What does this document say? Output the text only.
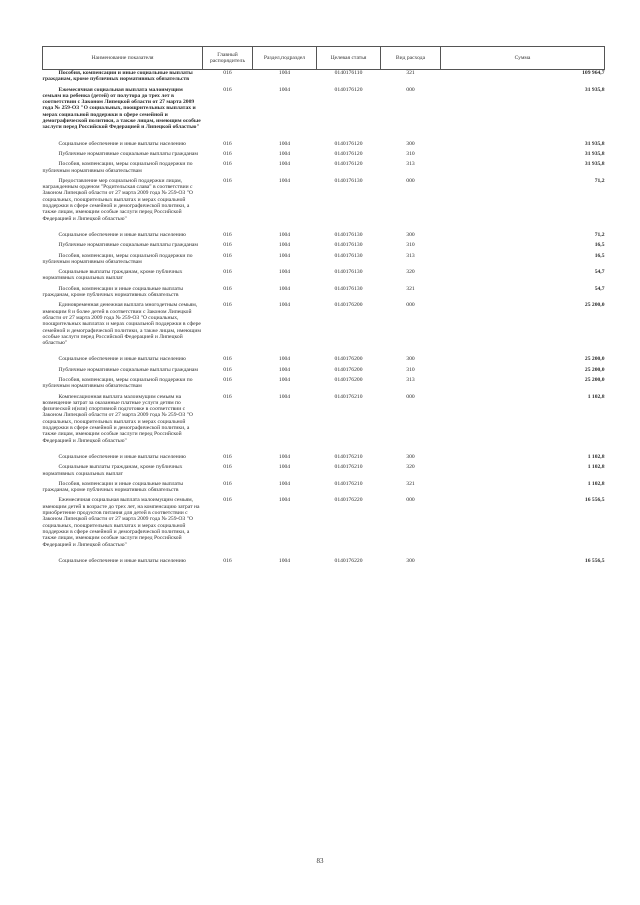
Наименование показателя	Главный распорядитель	Раздел,подраздел	Целевая статья	Вид расхода	Сумма

Пособия, компенсации и иные социальные выплаты гражданам, кроме публичных нормативных обязательств	016	1004	0140176110	321	109 964,7

Ежемесячная социальная выплата малоимущим семьям на ребенка (детей) от полутора до трех лет в соответствии с Законом Липецкой области от 27 марта 2009 года № 259-ОЗ "О социальных, поощрительных выплатах и мерах социальной поддержки в сфере семейной и демографической политики, а также лицам, имеющим особые заслуги перед Российской Федерацией и Липецкой областью"	016	1004	0140176120	000	31 935,8

Социальное обеспечение и иные выплаты населению	016	1004	0140176120	300	31 935,8

Публичные нормативные социальные выплаты гражданам	016	1004	0140176120	310	31 935,8

Пособия, компенсации, меры социальной поддержки по публичным нормативным обязательствам	016	1004	0140176120	313	31 935,8

Предоставление мер социальной поддержки лицам, награжденным орденом "Родительская слава" в соответствии с Законом Липецкой области от 27 марта 2009 года № 259-ОЗ "О социальных, поощрительных выплатах и мерах социальной поддержки в сфере семейной и демографической политики, а также лицам, имеющим особые заслуги перед Российской Федерацией и Липецкой областью"	016	1004	0140176130	000	71,2

Социальное обеспечение и иные выплаты населению	016	1004	0140176130	300	71,2

Публичные нормативные социальные выплаты гражданам	016	1004	0140176130	310	16,5

Пособия, компенсации, меры социальной поддержки по публичным нормативным обязательствам	016	1004	0140176130	313	16,5

Социальные выплаты гражданам, кроме публичных нормативных социальных выплат	016	1004	0140176130	320	54,7

Пособия, компенсации и иные социальные выплаты гражданам, кроме публичных нормативных обязательств	016	1004	0140176130	321	54,7

Единовременная денежная выплата многодетным семьям, имеющим 8 и более детей в соответствии с Законом Липецкой области от 27 марта 2009 года № 259-ОЗ "О социальных, поощрительных выплатах и мерах социальной поддержки в сфере семейной и демографической политики, а также лицам, имеющим особые заслуги перед Российской Федерацией и Липецкой областью"	016	1004	0140176200	000	25 200,0

Социальное обеспечение и иные выплаты населению	016	1004	0140176200	300	25 200,0

Публичные нормативные социальные выплаты гражданам	016	1004	0140176200	310	25 200,0

Пособия, компенсации, меры социальной поддержки по публичным нормативным обязательствам	016	1004	0140176200	313	25 200,0

Компенсационная выплата малоимущим семьям на возмещение затрат за оказанные платные услуги детям по физической и(или) спортивной подготовке в соответствии с Законом Липецкой области от 27 марта 2009 года № 259-ОЗ "О социальных, поощрительных выплатах и мерах социальной поддержки в сфере семейной и демографической политики, а также лицам, имеющим особые заслуги перед Российской Федерацией и Липецкой областью"	016	1004	0140176210	000	1 102,8

Социальное обеспечение и иные выплаты населению	016	1004	0140176210	300	1 102,8

Социальные выплаты гражданам, кроме публичных нормативных социальных выплат	016	1004	0140176210	320	1 102,8

Пособия, компенсации и иные социальные выплаты гражданам, кроме публичных нормативных обязательств	016	1004	0140176210	321	1 102,8

Ежемесячная социальная выплата малоимущим семьям, имеющим детей в возрасте до трех лет, на компенсацию затрат на приобретение продуктов питания для детей в соответствии с Законом Липецкой области от 27 марта 2009 года № 259-ОЗ "О социальных, поощрительных выплатах и мерах социальной поддержки в сфере семейной и демографической политики, а также лицам, имеющим особые заслуги перед Российской Федерацией и Липецкой областью"	016	1004	0140176220	000	16 556,5

Социальное обеспечение и иные выплаты населению	016	1004	0140176220	300	16 556,5
83
